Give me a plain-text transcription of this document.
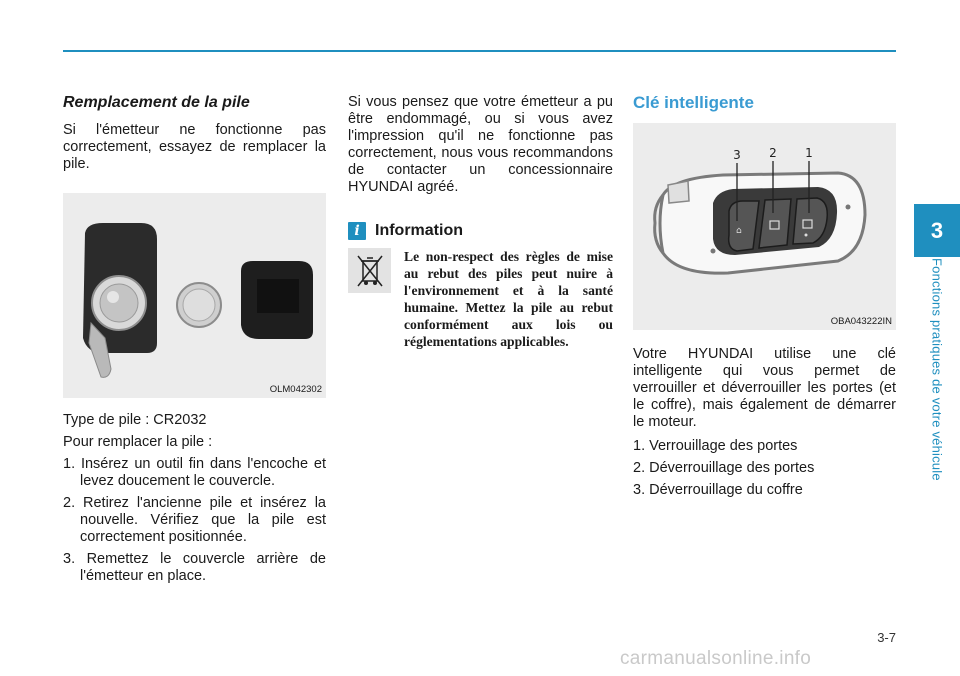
Remplacement de la pile

Si l'émetteur ne fonctionne pas correctement, essayez de remplacer la pile.

OLM042302

Type de pile : CR2032

Pour remplacer la pile :

1. Insérez un outil fin dans l'encoche et levez doucement le couvercle.

2. Retirez l'ancienne pile et insérez la nouvelle. Vérifiez que la pile est correctement positionnée.

3. Remettez le couvercle arrière de l'émetteur en place.

Si vous pensez que votre émetteur a pu être endommagé, ou si vous avez l'impression qu'il ne fonctionne pas correctement, nous vous recommandons de contacter un concessionnaire HYUNDAI agréé.

i Information

Le non-respect des règles de mise au rebut des piles peut nuire à l'environnement et à la santé humaine. Mettez la pile au rebut conformément aux lois ou réglementations applicables.

Clé intelligente
⌂
3 2 1
OBA043222IN

Votre HYUNDAI utilise une clé intelligente qui vous permet de verrouiller et déverrouiller les portes (et le coffre), mais également de démarrer le moteur.

1. Verrouillage des portes

2. Déverrouillage des portes

3. Déverrouillage du coffre

3
Fonctions pratiques de votre véhicule
3-7
carmanualsonline.info
